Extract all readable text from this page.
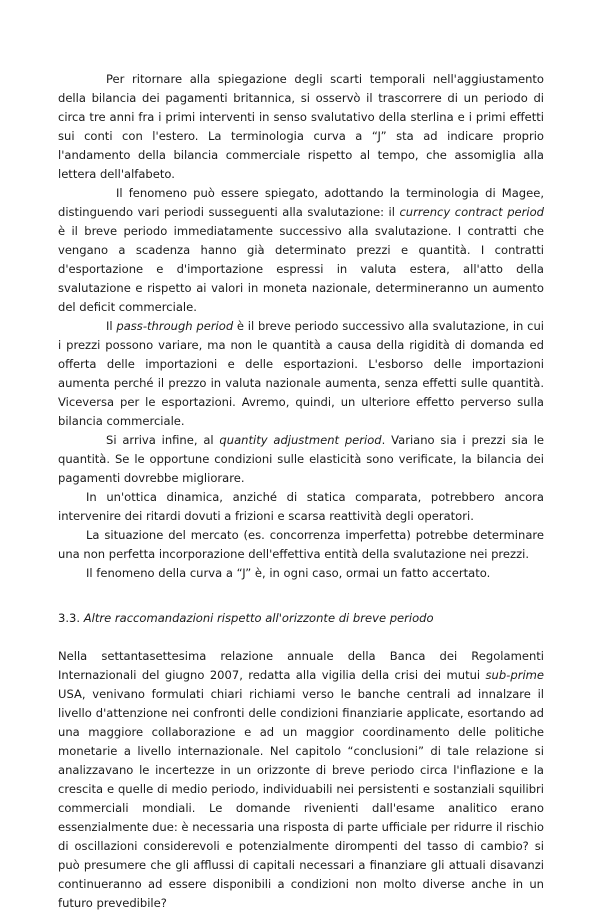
Per ritornare alla spiegazione degli scarti temporali nell'aggiustamento della bilancia dei pagamenti britannica, si osservò il trascorrere di un periodo di circa tre anni fra i primi interventi in senso svalutativo della sterlina e i primi effetti sui conti con l'estero. La terminologia curva a “J” sta ad indicare proprio l'andamento della bilancia commerciale rispetto al tempo, che assomiglia alla lettera dell'alfabeto.

Il fenomeno può essere spiegato, adottando la terminologia di Magee, distinguendo vari periodi susseguenti alla svalutazione: il currency contract period è il breve periodo immediatamente successivo alla svalutazione. I contratti che vengano a scadenza hanno già determinato prezzi e quantità. I contratti d'esportazione e d'importazione espressi in valuta estera, all'atto della svalutazione e rispetto ai valori in moneta nazionale, determineranno un aumento del deficit commerciale.

Il pass-through period è il breve periodo successivo alla svalutazione, in cui i prezzi possono variare, ma non le quantità a causa della rigidità di domanda ed offerta delle importazioni e delle esportazioni. L'esborso delle importazioni aumenta perché il prezzo in valuta nazionale aumenta, senza effetti sulle quantità. Viceversa per le esportazioni. Avremo, quindi, un ulteriore effetto perverso sulla bilancia commerciale.

Si arriva infine, al quantity adjustment period. Variano sia i prezzi sia le quantità. Se le opportune condizioni sulle elasticità sono verificate, la bilancia dei pagamenti dovrebbe migliorare.

In un'ottica dinamica, anziché di statica comparata, potrebbero ancora intervenire dei ritardi dovuti a frizioni e scarsa reattività degli operatori.

La situazione del mercato (es. concorrenza imperfetta) potrebbe determinare una non perfetta incorporazione dell'effettiva entità della svalutazione nei prezzi.

Il fenomeno della curva a “J” è, in ogni caso, ormai un fatto accertato.

3.3. Altre raccomandazioni rispetto all'orizzonte di breve periodo

Nella settantasettesima relazione annuale della Banca dei Regolamenti Internazionali del giugno 2007, redatta alla vigilia della crisi dei mutui sub-prime USA, venivano formulati chiari richiami verso le banche centrali ad innalzare il livello d'attenzione nei confronti delle condizioni finanziarie applicate, esortando ad una maggiore collaborazione e ad un maggior coordinamento delle politiche monetarie a livello internazionale. Nel capitolo “conclusioni” di tale relazione si analizzavano le incertezze in un orizzonte di breve periodo circa l'inflazione e la crescita e quelle di medio periodo, individuabili nei persistenti e sostanziali squilibri commerciali mondiali. Le domande rivenienti dall'esame analitico erano essenzialmente due: è necessaria una risposta di parte ufficiale per ridurre il rischio di oscillazioni considerevoli e potenzialmente dirompenti del tasso di cambio? si può presumere che gli afflussi di capitali necessari a finanziare gli attuali disavanzi continueranno ad essere disponibili a condizioni non molto diverse anche in un futuro prevedibile?
